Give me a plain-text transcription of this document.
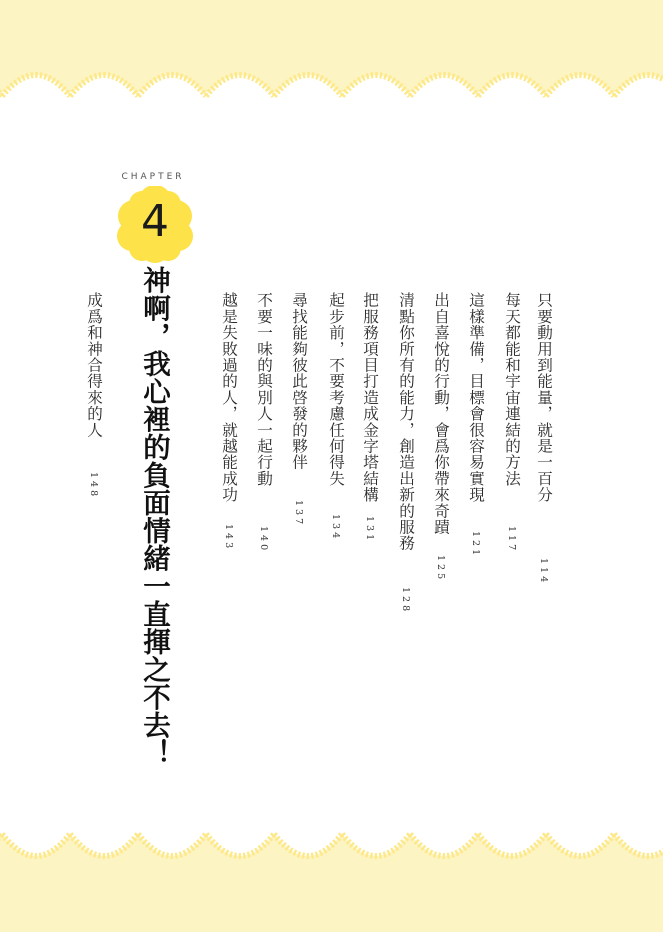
CHAPTER
4
神啊，我心裡的負面情緒一直揮之不去！	只要動用到能量，就是一百分
114
每天都能和宇宙連結的方法
117
這樣準備，目標會很容易實現
121
出自喜悅的行動，會爲你帶來奇蹟
125
清點你所有的能力，創造出新的服務
128
把服務項目打造成金字塔結構
131
起步前，不要考慮任何得失
134
尋找能夠彼此啓發的夥伴
137
不要一味的與別人一起行動
140
越是失敗過的人，就越能成功
143
成爲和神合得來的人
148
